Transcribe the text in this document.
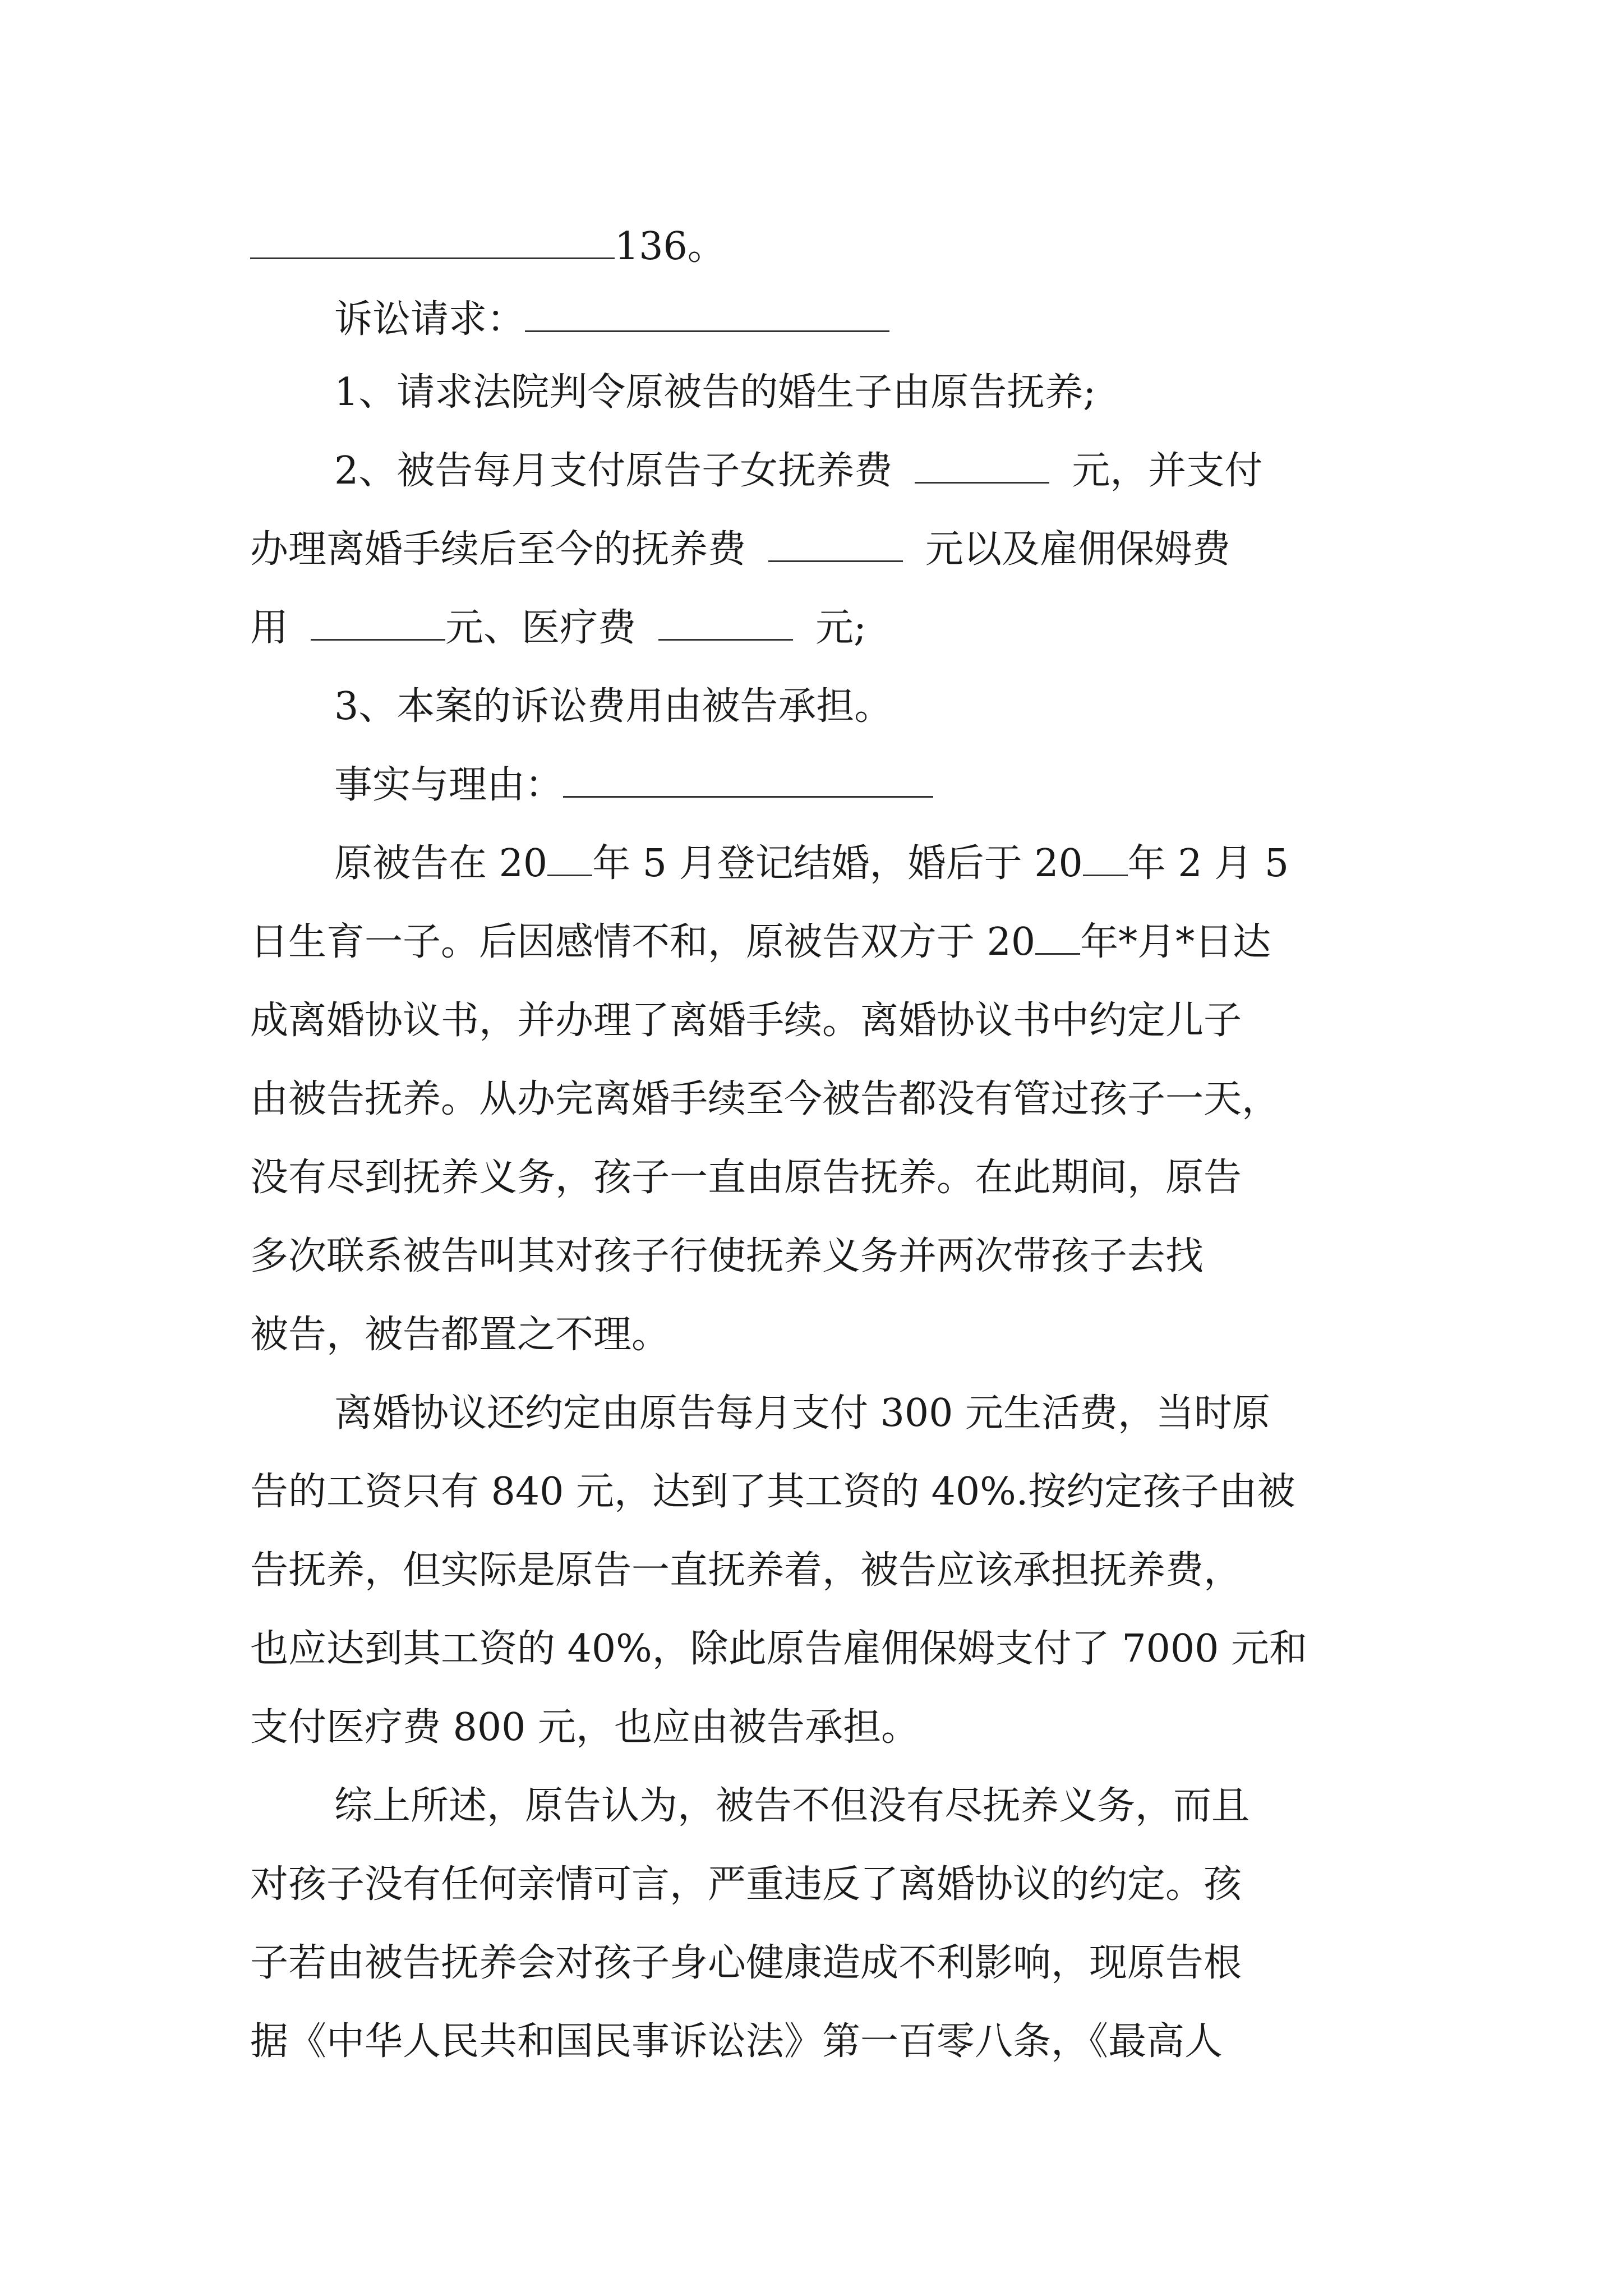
136。
诉讼请求：
1、请求法院判令原被告的婚生子由原告抚养;
2、被告每月支付原告子女抚养费	元，并支付
办理离婚手续后至今的抚养费	元以及雇佣保姆费
用	元、医疗费	元;
3、本案的诉讼费用由被告承担。
事实与理由：
原被告在 20 年 5 月登记结婚，婚后于 20 年 2 月 5
日生育一子。后因感情不和，原被告双方于 20 年*月*日达
成离婚协议书，并办理了离婚手续。离婚协议书中约定儿子
由被告抚养。从办完离婚手续至今被告都没有管过孩子一天，
没有尽到抚养义务，孩子一直由原告抚养。在此期间，原告
多次联系被告叫其对孩子行使抚养义务并两次带孩子去找
被告，被告都置之不理。
离婚协议还约定由原告每月支付 300 元生活费，当时原
告的工资只有 840 元，达到了其工资的 40%.按约定孩子由被
告抚养，但实际是原告一直抚养着，被告应该承担抚养费，
也应达到其工资的 40%，除此原告雇佣保姆支付了 7000 元和
支付医疗费 800 元，也应由被告承担。
综上所述，原告认为，被告不但没有尽抚养义务，而且
对孩子没有任何亲情可言，严重违反了离婚协议的约定。孩
子若由被告抚养会对孩子身心健康造成不利影响，现原告根
据《中华人民共和国民事诉讼法》第一百零八条，《最高人
